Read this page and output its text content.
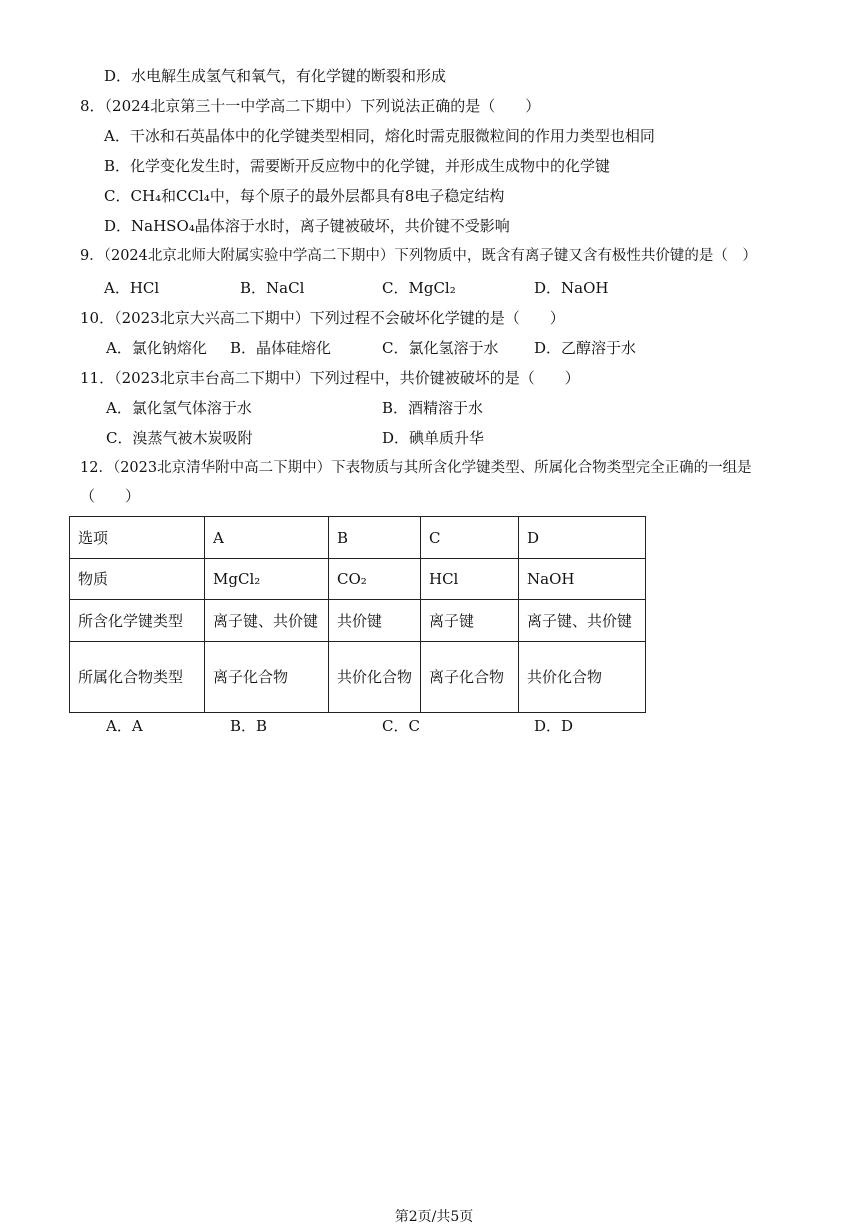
D．水电解生成氢气和氧气，有化学键的断裂和形成
8．（2024北京第三十一中学高二下期中）下列说法正确的是（　　）
A．干冰和石英晶体中的化学键类型相同，熔化时需克服微粒间的作用力类型也相同
B．化学变化发生时，需要断开反应物中的化学键，并形成生成物中的化学键
C．CH₄和CCl₄中，每个原子的最外层都具有8电子稳定结构
D．NaHSO₄晶体溶于水时，离子键被破坏，共价键不受影响
9．（2024北京北师大附属实验中学高二下期中）下列物质中，既含有离子键又含有极性共价键的是（　）
A．HCl	B．NaCl	C．MgCl₂	D．NaOH
10．（2023北京大兴高二下期中）下列过程不会破坏化学键的是（　　）
A．氯化钠熔化 B．晶体硅熔化	C．氯化氢溶于水 D．乙醇溶于水
11．（2023北京丰台高二下期中）下列过程中，共价键被破坏的是（　　）
A．氯化氢气体溶于水	B．酒精溶于水
C．溴蒸气被木炭吸附	D．碘单质升华
12．（2023北京清华附中高二下期中）下表物质与其所含化学键类型、所属化合物类型完全正确的一组是
（　　）
选项	A	B	C	D
物质	MgCl₂	CO₂	HCl	NaOH
所含化学键类型	离子键、共价键	共价键	离子键	离子键、共价键
所属化合物类型	离子化合物	共价化合物	离子化合物	共价化合物
A．A	B．B	C．C	D．D
第2页/共5页
